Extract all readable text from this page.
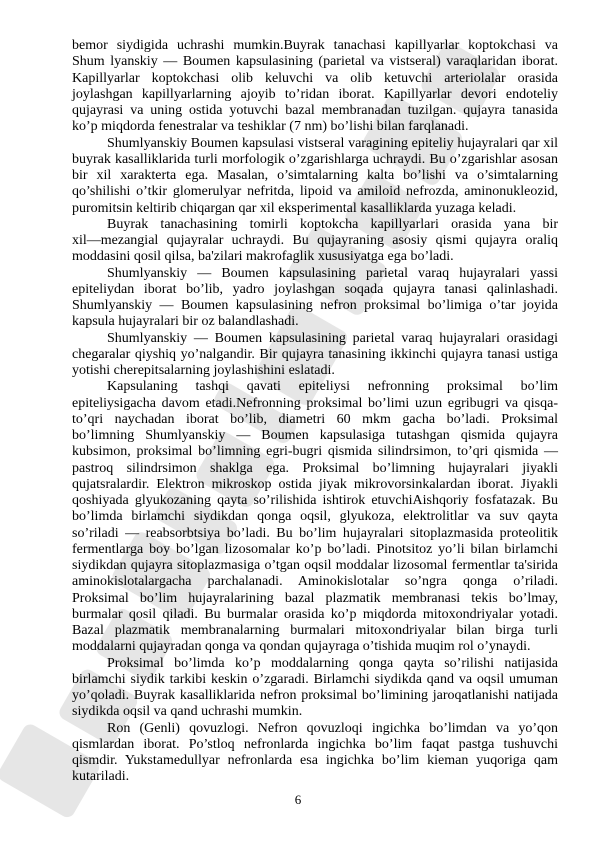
bemor siydigida uchrashi mumkin.Buyrak tanachasi kapillyarlar koptokchasi va
Shum lyanskiy — Boumen kapsulasining (parietal va vistseral) varaqlaridan iborat.
Kapillyarlar koptokchasi olib keluvchi va olib ketuvchi arteriolalar orasida
joylashgan kapillyarlarning ajoyib to’ridan iborat. Kapillyarlar devori endoteliy
qujayrasi va uning ostida yotuvchi bazal membranadan tuzilgan. qujayra tanasida
ko’p miqdorda fenestralar va teshiklar (7 nm) bo’lishi bilan farqlanadi.
Shumlyanskiy Boumen kapsulasi vistseral varagining epiteliy hujayralari qar xil
buyrak kasalliklarida turli morfologik o’zgarishlarga uchraydi. Bu o’zgarishlar asosan
bir xil xarakterta ega. Masalan, o’simtalarning kalta bo’lishi va o’simtalarning
qo’shilishi o’tkir glomerulyar nefritda, lipoid va amiloid nefrozda, aminonukleozid,
puromitsin keltirib chiqargan qar xil eksperimental kasalliklarda yuzaga keladi.
Buyrak tanachasining tomirli koptokcha kapillyarlari orasida yana bir
xil—mezangial qujayralar uchraydi. Bu qujayraning asosiy qismi qujayra oraliq
moddasini qosil qilsa, ba'zilari makrofaglik xususiyatga ega bo’ladi.
Shumlyanskiy — Boumen kapsulasining parietal varaq hujayralari yassi
epiteliydan iborat bo’lib, yadro joylashgan soqada qujayra tanasi qalinlashadi.
Shumlyanskiy — Boumen kapsulasining nefron proksimal bo’limiga o’tar joyida
kapsula hujayralari bir oz balandlashadi.
Shumlyanskiy — Boumen kapsulasining parietal varaq hujayralari orasidagi
chegaralar qiyshiq yo’nalgandir. Bir qujayra tanasining ikkinchi qujayra tanasi ustiga
yotishi cherepitsalarning joylashishini eslatadi.
Kapsulaning tashqi qavati epiteliysi nefronning proksimal bo’lim
epiteliysigacha davom etadi.Nefronning proksimal bo’limi uzun egribugri va qisqa-
to’qri naychadan iborat bo’lib, diametri 60 mkm gacha bo’ladi. Proksimal
bo’limning Shumlyanskiy — Boumen kapsulasiga tutashgan qismida qujayra
kubsimon, proksimal bo’limning egri-bugri qismida silindrsimon, to’qri qismida —
pastroq silindrsimon shaklga ega. Proksimal bo’limning hujayralari jiyakli
qujatsralardir. Elektron mikroskop ostida jiyak mikrovorsinkalardan iborat. Jiyakli
qoshiyada glyukozaning qayta so’rilishida ishtirok etuvchiAishqoriy fosfatazak. Bu
bo’limda birlamchi siydikdan qonga oqsil, glyukoza, elektrolitlar va suv qayta
so’riladi — reabsorbtsiya bo’ladi. Bu bo’lim hujayralari sitoplazmasida proteolitik
fermentlarga boy bo’lgan lizosomalar ko’p bo’ladi. Pinotsitoz yo’li bilan birlamchi
siydikdan qujayra sitoplazmasiga o’tgan oqsil moddalar lizosomal fermentlar ta'sirida
aminokislotalargacha parchalanadi. Aminokislotalar so’ngra qonga o’riladi.
Proksimal bo’lim hujayralarining bazal plazmatik membranasi tekis bo’lmay,
burmalar qosil qiladi. Bu burmalar orasida ko’p miqdorda mitoxondriyalar yotadi.
Bazal plazmatik membranalarning burmalari mitoxondriyalar bilan birga turli
moddalarni qujayradan qonga va qondan qujayraga o’tishida muqim rol o’ynaydi.
Proksimal bo’limda ko’p moddalarning qonga qayta so’rilishi natijasida
birlamchi siydik tarkibi keskin o’zgaradi. Birlamchi siydikda qand va oqsil umuman
yo’qoladi. Buyrak kasalliklarida nefron proksimal bo’limining jaroqatlanishi natijada
siydikda oqsil va qand uchrashi mumkin.
Ron (Genli) qovuzlogi. Nefron qovuzloqi ingichka bo’limdan va yo’qon
qismlardan iborat. Po’stloq nefronlarda ingichka bo’lim faqat pastga tushuvchi
qismdir. Yukstamedullyar nefronlarda esa ingichka bo’lim kieman yuqoriga qam
kutariladi.
6
